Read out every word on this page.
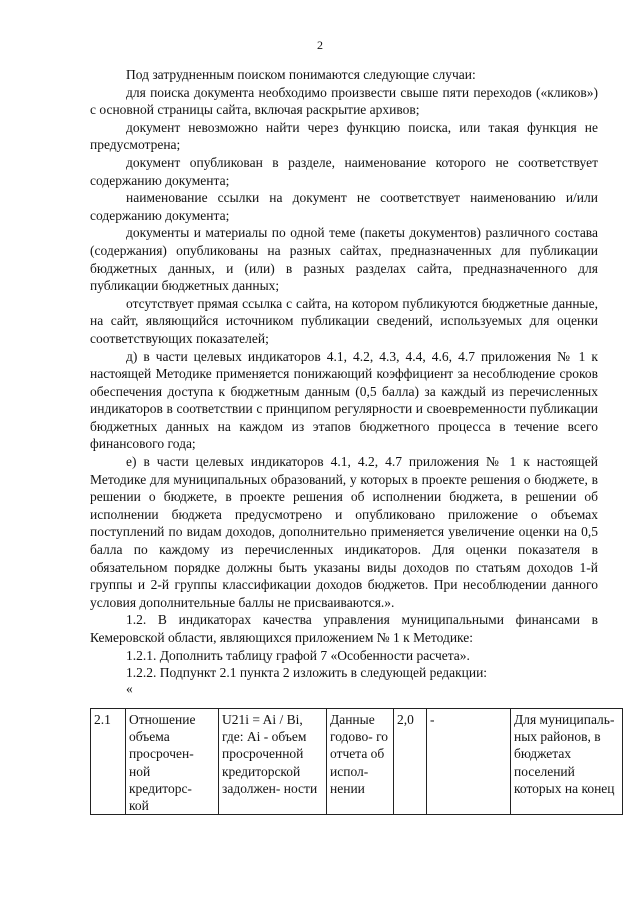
2

Под затрудненным поиском понимаются следующие случаи:

для поиска документа необходимо произвести свыше пяти переходов («кликов») с основной страницы сайта, включая раскрытие архивов;

документ невозможно найти через функцию поиска, или такая функция не предусмотрена;

документ опубликован в разделе, наименование которого не соответствует содержанию документа;

наименование ссылки на документ не соответствует наименованию и/или содержанию документа;

документы и материалы по одной теме (пакеты документов) различного состава (содержания) опубликованы на разных сайтах, предназначенных для публикации бюджетных данных, и (или) в разных разделах сайта, предназначенного для публикации бюджетных данных;

отсутствует прямая ссылка с сайта, на котором публикуются бюджетные данные, на сайт, являющийся источником публикации сведений, используемых для оценки соответствующих показателей;

д) в части целевых индикаторов 4.1, 4.2, 4.3, 4.4, 4.6, 4.7 приложения № 1 к настоящей Методике применяется понижающий коэффициент за несоблюдение сроков обеспечения доступа к бюджетным данным (0,5 балла) за каждый из перечисленных индикаторов в соответствии с принципом регулярности и своевременности публикации бюджетных данных на каждом из этапов бюджетного процесса в течение всего финансового года;

е) в части целевых индикаторов 4.1, 4.2, 4.7 приложения № 1 к настоящей Методике для муниципальных образований, у которых в проекте решения о бюджете, в решении о бюджете, в проекте решения об исполнении бюджета, в решении об исполнении бюджета предусмотрено и опубликовано приложение о объемах поступлений по видам доходов, дополнительно применяется увеличение оценки на 0,5 балла по каждому из перечисленных индикаторов. Для оценки показателя в обязательном порядке должны быть указаны виды доходов по статьям доходов 1-й группы и 2-й группы классификации доходов бюджетов. При несоблюдении данного условия дополнительные баллы не присваиваются.».

1.2. В индикаторах качества управления муниципальными финансами в Кемеровской области, являющихся приложением № 1 к Методике:

1.2.1. Дополнить таблицу графой 7 «Особенности расчета».

1.2.2. Подпункт 2.1 пункта 2 изложить в следующей редакции:

«

2.1	Отношение объема просрочен- ной кредиторс- кой	U21i = Ai / Bi, где: Ai - объем просроченной кредиторской задолжен- ности	Данные годово- го отчета об испол- нении	2,0	-	Для муниципаль- ных районов, в бюджетах поселений которых на конец
